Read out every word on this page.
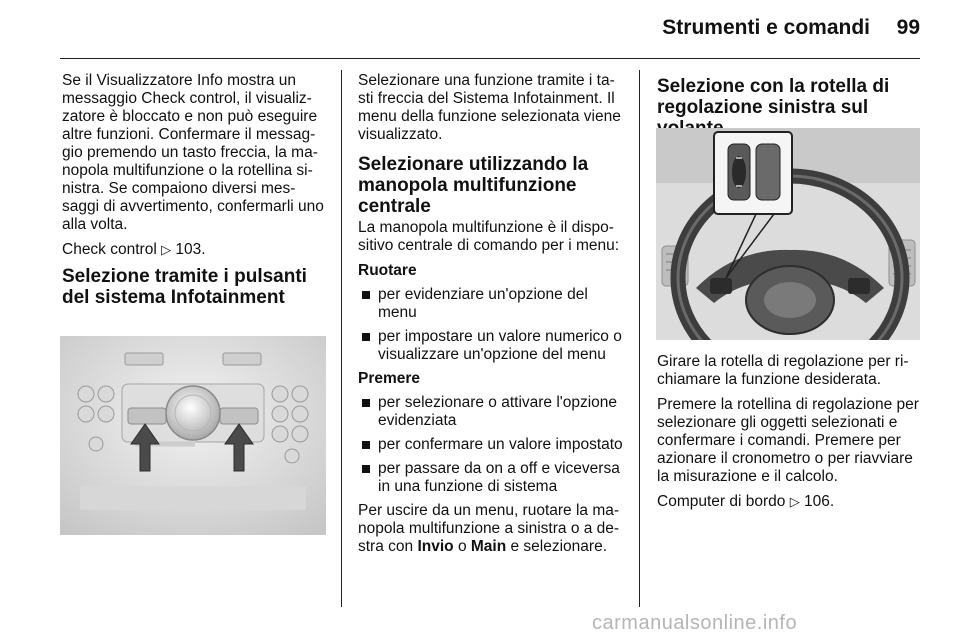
Strumenti e comandi	99

Se il Visualizzatore Info mostra un messaggio Check control, il visualiz-zatore è bloccato e non può eseguire altre funzioni. Confermare il messag-gio premendo un tasto freccia, la ma-nopola multifunzione o la rotellina si-nistra. Se compaiono diversi mes-saggi di avvertimento, confermarli uno alla volta.

Check control ▷ 103.

Selezione tramite i pulsanti del sistema Infotainment

Selezionare una funzione tramite i ta-sti freccia del Sistema Infotainment. Il menu della funzione selezionata viene visualizzato.

Selezionare utilizzando la manopola multifunzione centrale

La manopola multifunzione è il dispo-sitivo centrale di comando per i menu:

Ruotare
per evidenziare un'opzione del menu
per impostare un valore numerico o visualizzare un'opzione del menu
Premere
per selezionare o attivare l'opzione evidenziata
per confermare un valore impostato
per passare da on a off e viceversa in una funzione di sistema

Per uscire da un menu, ruotare la ma-nopola multifunzione a sinistra o a de-stra con Invio o Main e selezionare.

Selezione con la rotella di regolazione sinistra sul

Girare la rotella di regolazione per ri-chiamare la funzione desiderata.

Premere la rotellina di regolazione per selezionare gli oggetti selezionati e confermare i comandi. Premere per azionare il cronometro o per riavviare la misurazione e il calcolo.

Computer di bordo ▷ 106.

carmanualsonline.info
